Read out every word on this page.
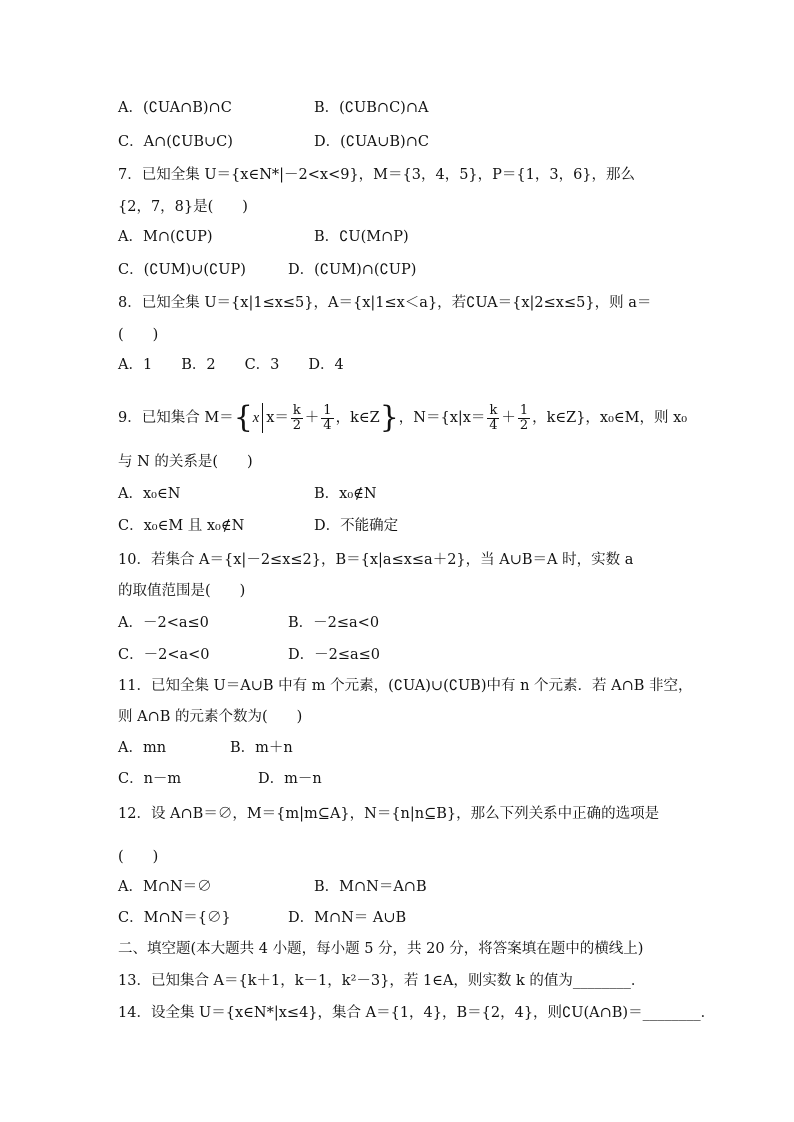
A．(∁UA∩B)∩C	B．(∁UB∩C)∩A
C．A∩(∁UB∪C)	D．(∁UA∪B)∩C
7．已知全集 U＝{x∈N*|－2<x<9}，M＝{3，4，5}，P＝{1，3，6}，那么
{2，7，8}是(　　)
A．M∩(∁UP)	B．∁U(M∩P)
C．(∁UM)∪(∁UP)	D．(∁UM)∩(∁UP)
8．已知全集 U＝{x|1≤x≤5}，A＝{x|1≤x＜a}，若∁UA＝{x|2≤x≤5}，则 a＝
(　　)
A．1　　B．2　　C．3　　D．4
9．已知集合 M＝{x $x= \frac{k}{2} + \frac{1}{4}$ ，k∈Z}，$N=\{x|x= \frac{k}{4} + \frac{1}{2}$ ，k∈Z}，x₀∈M，则 x₀
与 N 的关系是(　　)
A．x₀∈N	B．x₀∉N
C．x₀∈M 且 x₀∉N	D．不能确定
10．若集合 A＝{x|－2≤x≤2}，B＝{x|a≤x≤a＋2}，当 A∪B＝A 时，实数 a
的取值范围是(　　)
A．－2<a≤0	B．－2≤a<0
C．－2<a<0	D．－2≤a≤0
11．已知全集 U＝A∪B 中有 m 个元素，(∁UA)∪(∁UB)中有 n 个元素．若 A∩B 非空，
则 A∩B 的元素个数为(　　)
A．mn	B．m＋n
C．n－m	D．m－n
12．设 A∩B＝∅，M＝{m|m⊆A}，N＝{n|n⊆B}，那么下列关系中正确的选项是
(　　)
A．M∩N＝∅	B．M∩N＝A∩B
C．M∩N＝{∅}	D．M∩N＝ A∪B
二、填空题(本大题共 4 小题，每小题 5 分，共 20 分，将答案填在题中的横线上)
13．已知集合 A＝{k＋1，k－1，k²－3}，若 1∈A，则实数 k 的值为________．
14．设全集 U＝{x∈N*|x≤4}，集合 A＝{1，4}，B＝{2，4}，则∁U(A∩B)＝________．
